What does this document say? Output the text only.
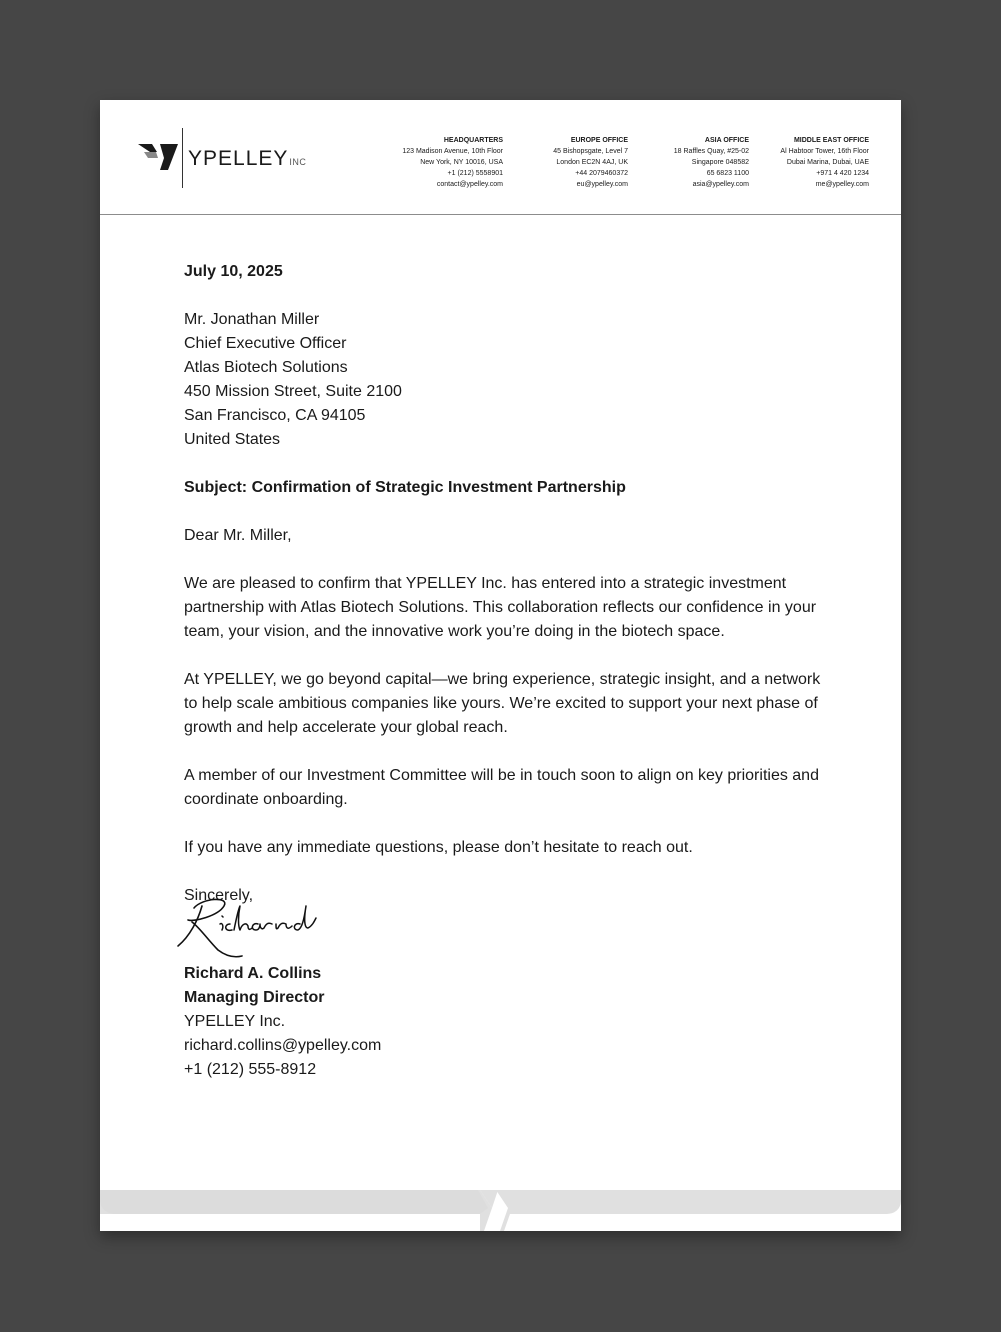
YPELLEYINC
HEADQUARTERS
123 Madison Avenue, 10th Floor
New York, NY 10016, USA
+1 (212) 5558901
contact@ypelley.com
EUROPE OFFICE
45 Bishopsgate, Level 7
London EC2N 4AJ, UK
+44 2079460372
eu@ypelley.com
ASIA OFFICE
18 Raffles Quay, #25-02
Singapore 048582
65 6823 1100
asia@ypelley.com
MIDDLE EAST OFFICE
Al Habtoor Tower, 16th Floor
Dubai Marina, Dubai, UAE
+971 4 420 1234
me@ypelley.com

July 10, 2025

Mr. Jonathan Miller
Chief Executive Officer
Atlas Biotech Solutions
450 Mission Street, Suite 2100
San Francisco, CA 94105
United States

Subject: Confirmation of Strategic Investment Partnership

Dear Mr. Miller,

We are pleased to confirm that YPELLEY Inc. has entered into a strategic investment partnership with Atlas Biotech Solutions. This collaboration reflects our confidence in your team, your vision, and the innovative work you’re doing in the biotech space.

At YPELLEY, we go beyond capital—we bring experience, strategic insight, and a network to help scale ambitious companies like yours. We’re excited to support your next phase of growth and help accelerate your global reach.

A member of our Investment Committee will be in touch soon to align on key priorities and coordinate onboarding.

If you have any immediate questions, please don’t hesitate to reach out.

Sincerely,

Richard A. Collins
Managing Director
YPELLEY Inc.
richard.collins@ypelley.com
+1 (212) 555-8912
